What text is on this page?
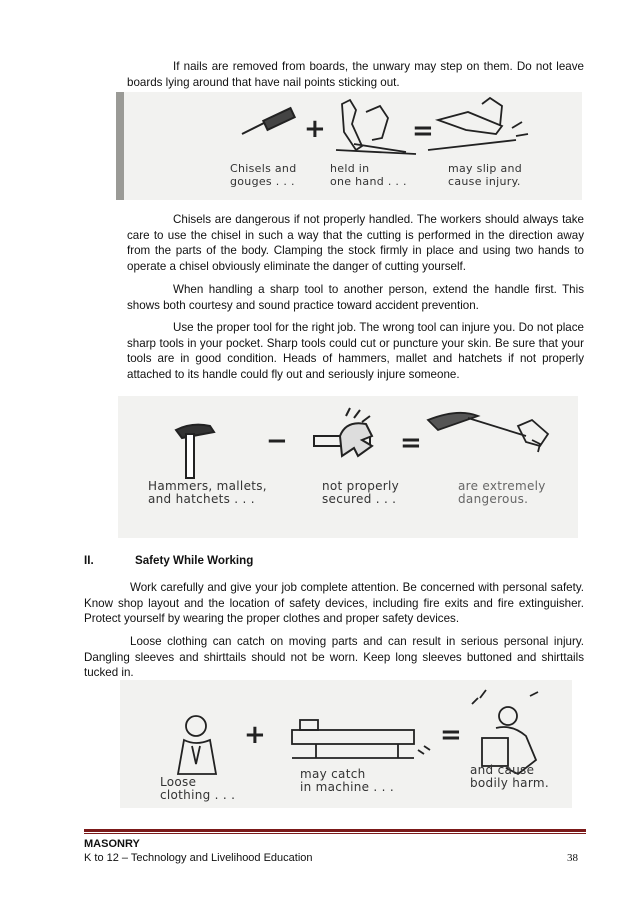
If nails are removed from boards, the unwary may step on them. Do not leave boards lying around that have nail points sticking out.

+	=
Chisels and
gouges . . .
held in
one hand . . .
may slip and
cause injury.

Chisels are dangerous if not properly handled. The workers should always take care to use the chisel in such a way that the cutting is performed in the direction away from the parts of the body. Clamping the stock firmly in place and using two hands to operate a chisel obviously eliminate the danger of cutting yourself.

When handling a sharp tool to another person, extend the handle first. This shows both courtesy and sound practice toward accident prevention.

Use the proper tool for the right job. The wrong tool can injure you. Do not place sharp tools in your pocket. Sharp tools could cut or puncture your skin. Be sure that your tools are in good condition. Heads of hammers, mallet and hatchets if not properly attached to its handle could fly out and seriously injure someone.

−	=
Hammers, mallets,
and hatchets . . .
not properly
secured . . .
are extremely
dangerous.
II.	Safety While Working

Work carefully and give your job complete attention. Be concerned with personal safety. Know shop layout and the location of safety devices, including fire exits and fire extinguisher. Protect yourself by wearing the proper clothes and proper safety devices.

Loose clothing can catch on moving parts and can result in serious personal injury. Dangling sleeves and shirttails should not be worn. Keep long sleeves buttoned and shirttails tucked in.

+	=
Loose
clothing . . .
may catch
in machine . . .
and cause
bodily harm.
MASONRY
K to 12 – Technology and Livelihood Education	38
